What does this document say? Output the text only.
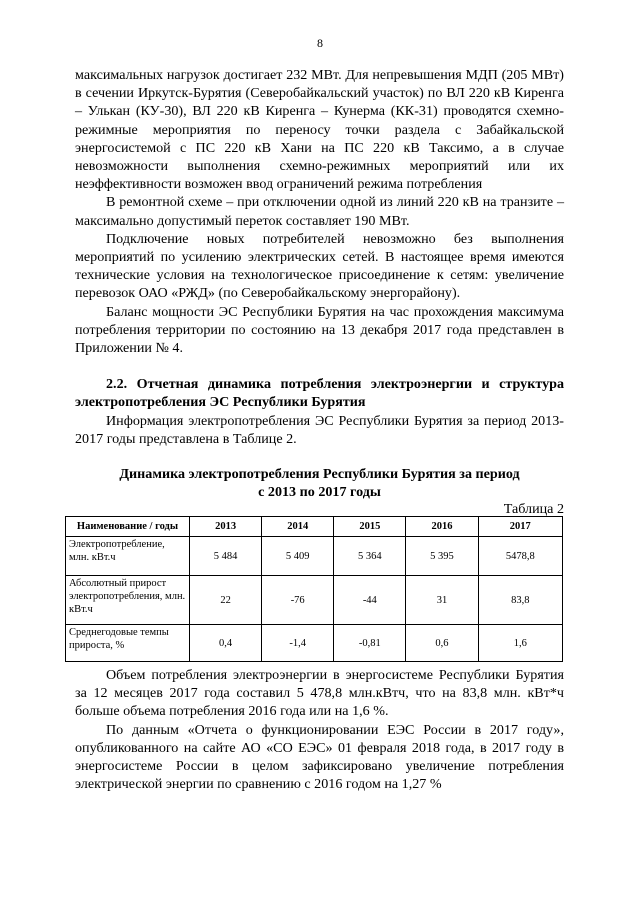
8

максимальных нагрузок достигает 232 МВт. Для непревышения МДП (205 МВт) в сечении Иркутск-Бурятия (Северобайкальский участок) по ВЛ 220 кВ Киренга – Улькан (КУ-30), ВЛ 220 кВ Киренга – Кунерма (КК-31) проводятся схемно-режимные мероприятия по переносу точки раздела с Забайкальской энергосистемой с ПС 220 кВ Хани на ПС 220 кВ Таксимо, а в случае невозможности выполнения схемно-режимных мероприятий или их неэффективности возможен ввод ограничений режима потребления

В ремонтной схеме – при отключении одной из линий 220 кВ на транзите – максимально допустимый переток составляет 190 МВт.

Подключение новых потребителей невозможно без выполнения мероприятий по усилению электрических сетей. В настоящее время имеются технические условия на технологическое присоединение к сетям: увеличение перевозок ОАО «РЖД» (по Северобайкальскому энергорайону).

Баланс мощности ЭС Республики Бурятия на час прохождения максимума потребления территории по состоянию на 13 декабря 2017 года представлен в Приложении № 4.

2.2. Отчетная динамика потребления электроэнергии и структура электропотребления ЭС Республики Бурятия

Информация электропотребления ЭС Республики Бурятия за период 2013-2017 годы представлена в Таблице 2.

Динамика электропотребления Республики Бурятия за период
с 2013 по 2017 годы
Таблица 2
Наименование / годы	2013	2014	2015	2016	2017
Электропотребление, млн. кВт.ч	5 484	5 409	5 364	5 395	5478,8
Абсолютный прирост электропотребления, млн. кВт.ч	22	-76	-44	31	83,8
Среднегодовые темпы прироста, %	0,4	-1,4	-0,81	0,6	1,6

Объем потребления электроэнергии в энергосистеме Республики Бурятия за 12 месяцев 2017 года составил 5 478,8 млн.кВтч, что на 83,8 млн. кВт*ч больше объема потребления 2016 года или на 1,6 %.

По данным «Отчета о функционировании ЕЭС России в 2017 году», опубликованного на сайте АО «СО ЕЭС» 01 февраля 2018 года, в 2017 году в энергосистеме России в целом зафиксировано увеличение потребления электрической энергии по сравнению с 2016 годом на 1,27 %
